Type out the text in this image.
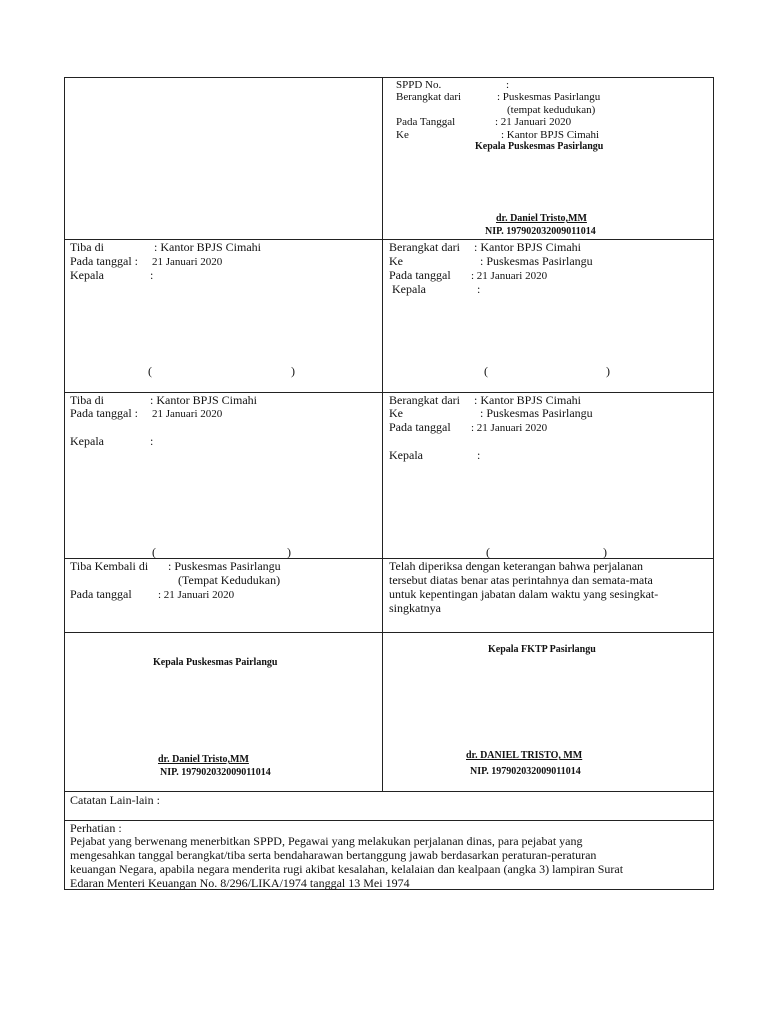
SPPD No.	:
Berangkat dari	: Puskesmas Pasirlangu
(tempat kedudukan)
Pada Tanggal	: 21 Januari 2020
Ke	: Kantor BPJS Cimahi
Kepala Puskesmas Pasirlangu
dr. Daniel Tristo,MM
NIP. 197902032009011014
Tiba di	: Kantor BPJS Cimahi
Pada tanggal : 21 Januari 2020
Kepala	:
(	)
Berangkat dari : Kantor BPJS Cimahi
Ke	: Puskesmas Pasirlangu
Pada tanggal : 21 Januari 2020
Kepala	:
(	)
Tiba di	: Kantor BPJS Cimahi
Pada tanggal : 21 Januari 2020
Kepala	:
(	)
Berangkat dari : Kantor BPJS Cimahi
Ke	: Puskesmas Pasirlangu
Pada tanggal : 21 Januari 2020
Kepala	:
(	)
Tiba Kembali di : Puskesmas Pasirlangu
(Tempat Kedudukan)
Pada tanggal : 21 Januari 2020
Telah diperiksa dengan keterangan bahwa perjalanan
tersebut diatas benar atas perintahnya dan semata-mata
untuk kepentingan jabatan dalam waktu yang sesingkat-
singkatnya
Kepala Puskesmas Pairlangu
dr. Daniel Tristo,MM
NIP. 197902032009011014
Kepala FKTP Pasirlangu
dr. DANIEL TRISTO, MM
NIP. 197902032009011014
Catatan Lain-lain :
Perhatian :
Pejabat yang berwenang menerbitkan SPPD, Pegawai yang melakukan perjalanan dinas, para pejabat yang
mengesahkan tanggal berangkat/tiba serta bendaharawan bertanggung jawab berdasarkan peraturan-peraturan
keuangan Negara, apabila negara menderita rugi akibat kesalahan, kelalaian dan kealpaan (angka 3) lampiran Surat
Edaran Menteri Keuangan No. 8/296/LIKA/1974 tanggal 13 Mei 1974
